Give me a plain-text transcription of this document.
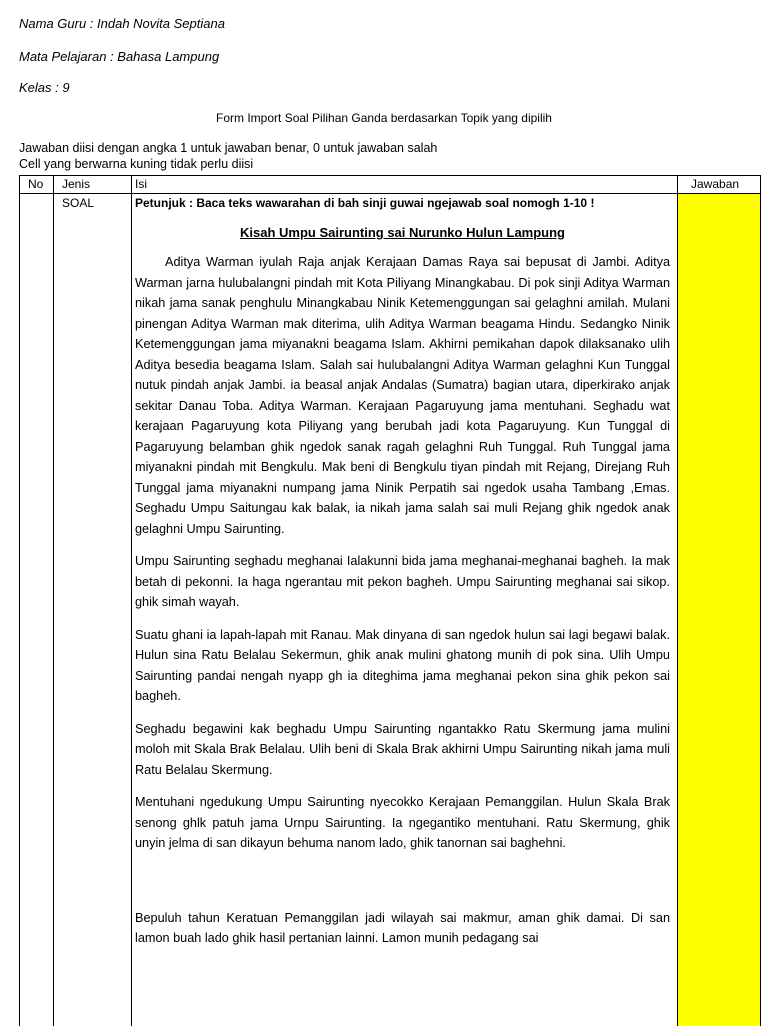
Nama Guru : Indah Novita Septiana
Mata Pelajaran : Bahasa Lampung
Kelas : 9
Form Import Soal Pilihan Ganda berdasarkan Topik yang dipilih
Jawaban diisi dengan angka 1 untuk jawaban benar, 0 untuk jawaban salah
Cell yang berwarna kuning tidak perlu diisi
No Jenis	Isi	Jawaban
SOAL	Petunjuk : Baca teks wawarahan di bah sinji guwai ngejawab soal nomogh 1-10 !
Kisah Umpu Sairunting sai Nurunko Hulun Lampung

Aditya Warman iyulah Raja anjak Kerajaan Damas Raya sai bepusat di Jambi. Aditya Warman jarna hulubalangni pindah mit Kota Piliyang Minangkabau. Di pok sinji Aditya Warman nikah jama sanak penghulu Minangkabau Ninik Ketemenggungan sai gelaghni amilah. Mulani pinengan Aditya Warman mak diterima, ulih Aditya Warman beagama Hindu. Sedangko Ninik Ketemenggungan jama miyanakni beagama Islam. Akhirni pemikahan dapok dilaksanako ulih Aditya besedia beagama Islam. Salah sai hulubalangni Aditya Warman gelaghni Kun Tunggal nutuk pindah anjak Jambi. ia beasal anjak Andalas (Sumatra) bagian utara, diperkirako anjak sekitar Danau Toba. Aditya Warman. Kerajaan Pagaruyung jama mentuhani. Seghadu wat kerajaan Pagaruyung kota Piliyang yang berubah jadi kota Pagaruyung. Kun Tunggal di Pagaruyung belamban ghik ngedok sanak ragah gelaghni Ruh Tunggal. Ruh Tunggal jama miyanakni pindah mit Bengkulu. Mak beni di Bengkulu tiyan pindah mit Rejang, Direjang Ruh Tunggal jama miyanakni numpang jama Ninik Perpatih sai ngedok usaha Tambang ,Emas. Seghadu Umpu Saitungau kak balak, ia nikah jama salah sai muli Rejang ghik ngedok anak gelaghni Umpu Sairunting.

Umpu Sairunting seghadu meghanai Ialakunni bida jama meghanai-meghanai bagheh. Ia mak betah di pekonni. Ia haga ngerantau mit pekon bagheh. Umpu Sairunting meghanai sai sikop. ghik simah wayah.

Suatu ghani ia lapah-lapah mit Ranau. Mak dinyana di san ngedok hulun sai lagi begawi balak. Hulun sina Ratu Belalau Sekermun, ghik anak mulini ghatong munih di pok sina. Ulih Umpu Sairunting pandai nengah nyapp gh ia diteghima jama meghanai pekon sina ghik pekon sai bagheh.

Seghadu begawini kak beghadu Umpu Sairunting ngantakko Ratu Skermung jama mulini moloh mit Skala Brak Belalau. Ulih beni di Skala Brak akhirni Umpu Sairunting nikah jama muli Ratu Belalau Skermung.

Mentuhani ngedukung Umpu Sairunting nyecokko Kerajaan Pemanggilan. Hulun Skala Brak senong ghlk patuh jama Urnpu Sairunting. Ia ngegantiko mentuhani. Ratu Skermung, ghik unyin jelma di san dikayun behuma nanom lado, ghik tanornan sai baghehni.

Bepuluh tahun Keratuan Pemanggilan jadi wilayah sai makmur, aman ghik damai. Di san lamon buah lado ghik hasil pertanian lainni. Lamon munih pedagang sai
